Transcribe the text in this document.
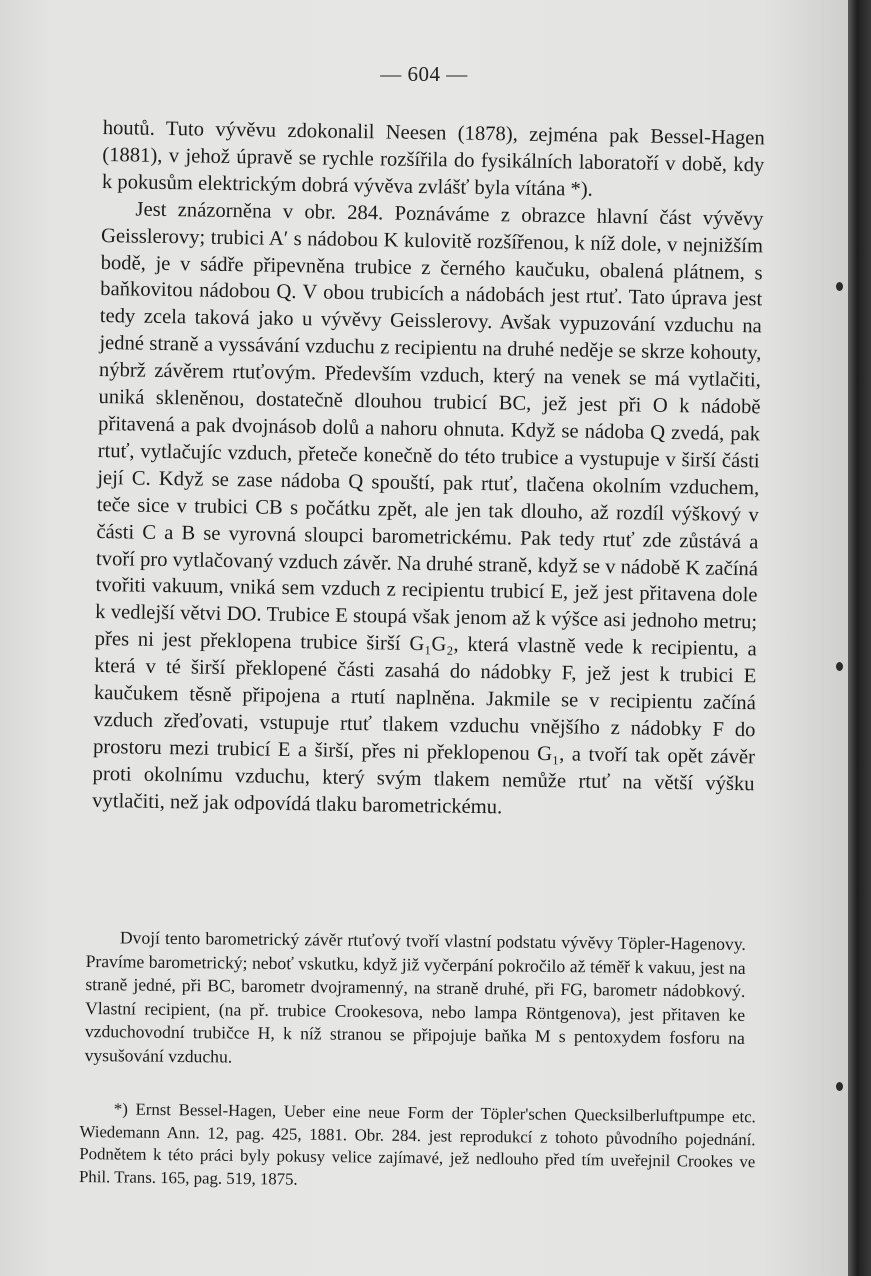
— 604 —

houtů. Tuto vývěvu zdokonalil Neesen (1878), zejména pak Bessel-Hagen (1881), v jehož úpravě se rychle rozšířila do fysikálních laboratoří v době, kdy k pokusům elektrickým dobrá vývěva zvlášť byla vítána *).

Jest znázorněna v obr. 284. Poznáváme z obrazce hlavní část vývěvy Geisslerovy; trubici A′ s nádobou K kulovitě rozšířenou, k níž dole, v nejnižším bodě, je v sádře připevněna trubice z černého kaučuku, obalená plátnem, s baňkovitou nádobou Q. V obou trubicích a nádobách jest rtuť. Tato úprava jest tedy zcela taková jako u vývěvy Geisslerovy. Avšak vypuzování vzduchu na jedné straně a vyssávání vzduchu z recipientu na druhé neděje se skrze kohouty, nýbrž závěrem rtuťovým. Především vzduch, který na venek se má vytlačiti, uniká skleněnou, dostatečně dlouhou trubicí BC, jež jest při O k nádobě přitavená a pak dvojnásob dolů a nahoru ohnuta. Když se nádoba Q zvedá, pak rtuť, vytlačujíc vzduch, přeteče konečně do této trubice a vystupuje v širší části její C. Když se zase nádoba Q spouští, pak rtuť, tlačena okolním vzduchem, teče sice v trubici CB s počátku zpět, ale jen tak dlouho, až rozdíl výškový v části C a B se vyrovná sloupci barometrickému. Pak tedy rtuť zde zůstává a tvoří pro vytlačovaný vzduch závěr. Na druhé straně, když se v nádobě K začíná tvořiti vakuum, vniká sem vzduch z recipientu trubicí E, jež jest přitavena dole k vedlejší větvi DO. Trubice E stoupá však jenom až k výšce asi jednoho metru; přes ni jest překlopena trubice širší G₁G₂, která vlastně vede k recipientu, a která v té širší překlopené části zasahá do nádobky F, jež jest k trubici E kaučukem těsně připojena a rtutí naplněna. Jakmile se v recipientu začíná vzduch zřeďovati, vstupuje rtuť tlakem vzduchu vnějšího z nádobky F do prostoru mezi trubicí E a širší, přes ni překlopenou G₁, a tvoří tak opět závěr proti okolnímu vzduchu, který svým tlakem nemůže rtuť na větší výšku vytlačiti, než jak odpovídá tlaku barometrickému.

Dvojí tento barometrický závěr rtuťový tvoří vlastní podstatu vývěvy Töpler-Hagenovy. Pravíme barometrický; neboť vskutku, když již vyčerpání pokročilo až téměř k vakuu, jest na straně jedné, při BC, barometr dvojramenný, na straně druhé, při FG, barometr nádobkový. Vlastní recipient, (na př. trubice Crookesova, nebo lampa Röntgenova), jest přitaven ke vzduchovodní trubičce H, k níž stranou se připojuje baňka M s pentoxydem fosforu na vysušování vzduchu.

*) Ernst Bessel-Hagen, Ueber eine neue Form der Töpler'schen Quecksilberluftpumpe etc. Wiedemann Ann. 12, pag. 425, 1881. Obr. 284. jest reprodukcí z tohoto původního pojednání. Podnětem k této práci byly pokusy velice zajímavé, jež nedlouho před tím uveřejnil Crookes ve Phil. Trans. 165, pag. 519, 1875.
